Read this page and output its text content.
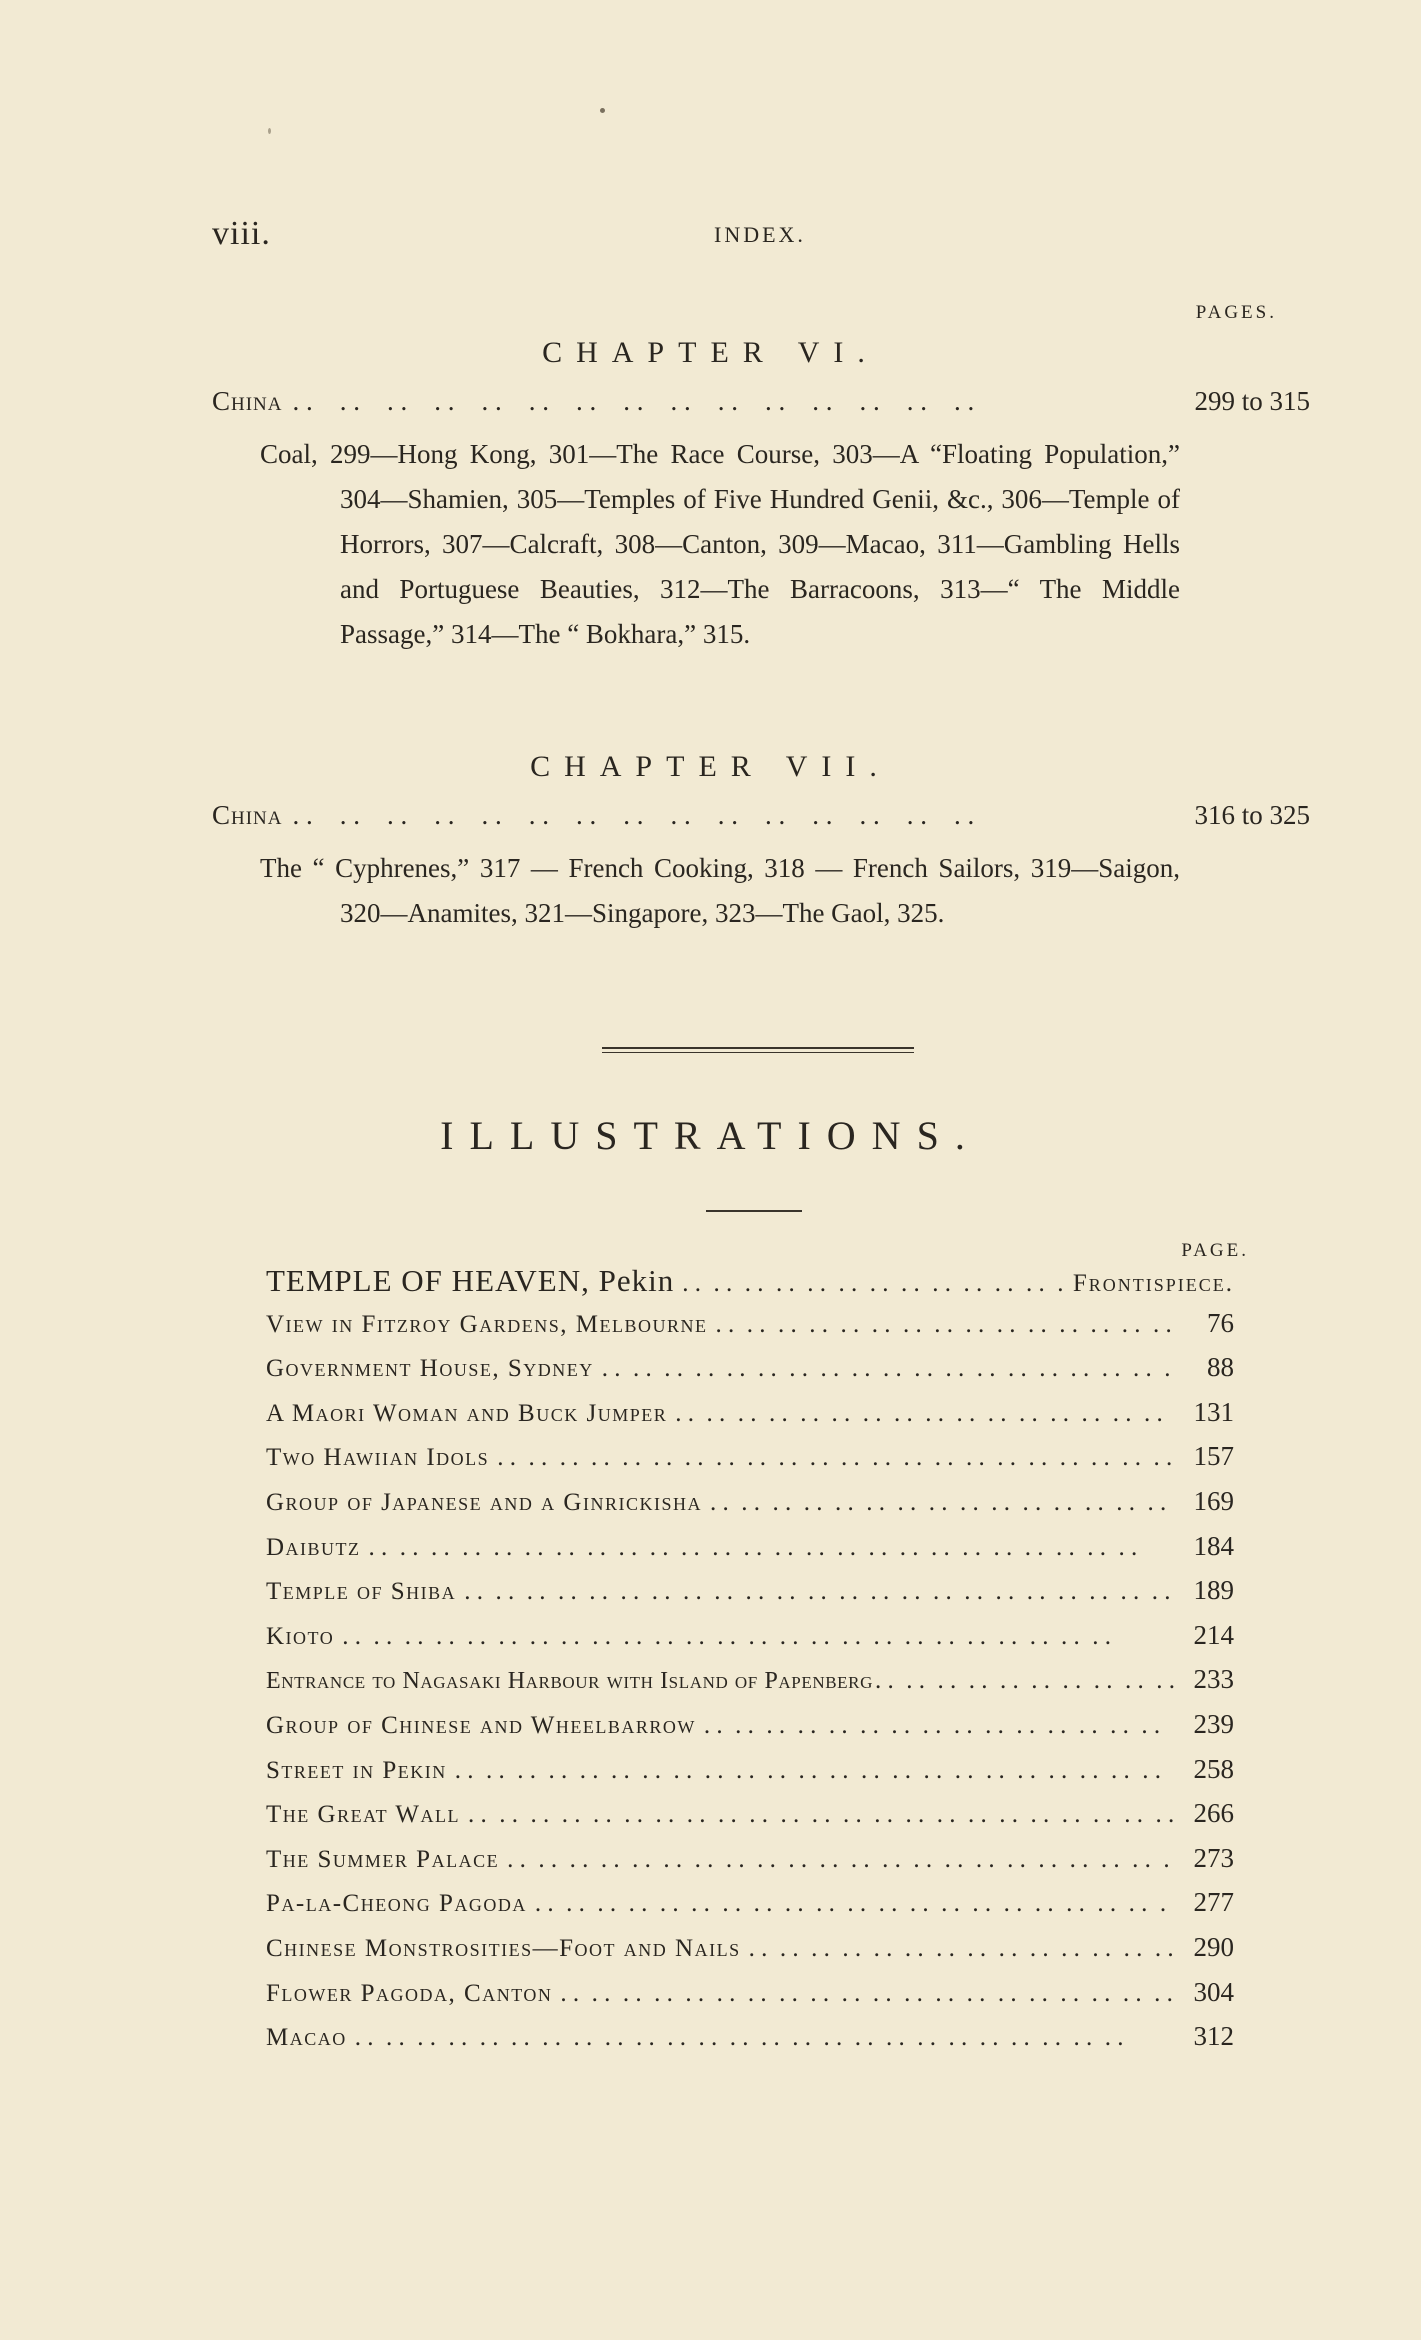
viii.	INDEX.
PAGES.
CHAPTER VI.
China . .	299 to 315

Coal, 299—Hong Kong, 301—The Race Course, 303—A “Floating Population,” 304—Shamien, 305—Temples of Five Hundred Genii, &c., 306—Temple of Horrors, 307—Calcraft, 308—Canton, 309—Macao, 311—Gambling Hells and Portuguese Beauties, 312—The Barracoons, 313—“ The Middle Passage,” 314—The “ Bokhara,” 315.

CHAPTER VII.
China . .	316 to 325

The “ Cyphrenes,” 317 — French Cooking, 318 — French Sailors, 319—Saigon, 320—Anamites, 321—Singapore, 323—The Gaol, 325.

ILLUSTRATIONS.
PAGE.
TEMPLE OF HEAVEN, Pekin . .	Frontispiece.
View in Fitzroy Gardens, Melbourne . .	76
Government House, Sydney . .	88
A Maori Woman and Buck Jumper . .	131
Two Hawiian Idols . .	157
Group of Japanese and a Ginrickisha . .	169
Daibutz . .	184
Temple of Shiba . .	189
Kioto . .	214
Entrance to Nagasaki Harbour with Island of Papenberg . .	233
Group of Chinese and Wheelbarrow . .	239
Street in Pekin . .	258
The Great Wall . .	266
The Summer Palace . .	273
Pa-la-Cheong Pagoda . .	277
Chinese Monstrosities—Foot and Nails . .	290
Flower Pagoda, Canton . .	304
Macao . .	312
